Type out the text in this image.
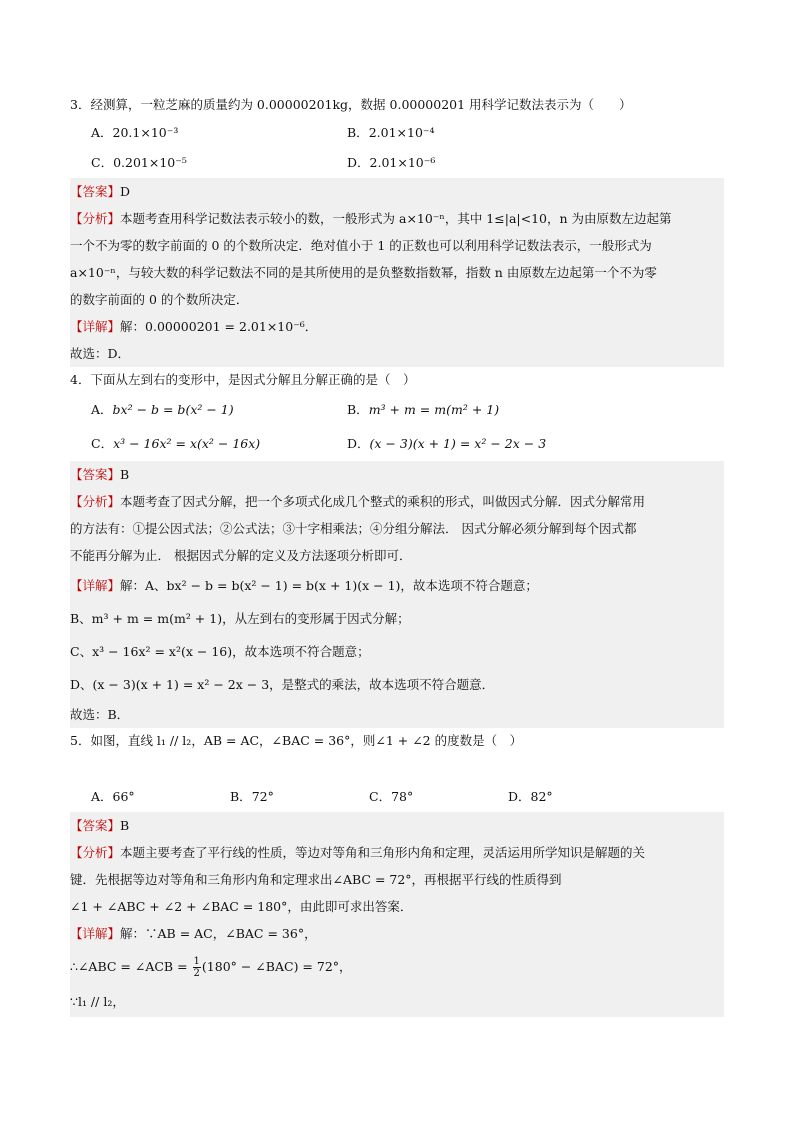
3．经测算，一粒芝麻的质量约为 0.00000201kg，数据 0.00000201 用科学记数法表示为（　　）
A．20.1×10⁻³	B．2.01×10⁻⁴
C．0.201×10⁻⁵	D．2.01×10⁻⁶
【答案】D
【分析】本题考查用科学记数法表示较小的数，一般形式为 a×10⁻ⁿ，其中 1≤|a|<10，n 为由原数左边起第
一个不为零的数字前面的 0 的个数所决定．绝对值小于 1 的正数也可以利用科学记数法表示，一般形式为
a×10⁻ⁿ，与较大数的科学记数法不同的是其所使用的是负整数指数幂，指数 n 由原数左边起第一个不为零
的数字前面的 0 的个数所决定．
【详解】解：0.00000201 = 2.01×10⁻⁶．
故选：D．
4．下面从左到右的变形中，是因式分解且分解正确的是（　）
A．bx² − b = b(x² − 1)	B．m³ + m = m(m² + 1)
C．x³ − 16x² = x(x² − 16x)	D．(x − 3)(x + 1) = x² − 2x − 3
【答案】B
【分析】本题考查了因式分解，把一个多项式化成几个整式的乘积的形式，叫做因式分解．因式分解常用
的方法有：①提公因式法；②公式法；③十字相乘法；④分组分解法． 因式分解必须分解到每个因式都
不能再分解为止． 根据因式分解的定义及方法逐项分析即可．
【详解】解：A、bx² − b = b(x² − 1) = b(x + 1)(x − 1)，故本选项不符合题意；
B、m³ + m = m(m² + 1)，从左到右的变形属于因式分解；
C、x³ − 16x² = x²(x − 16)，故本选项不符合题意；
D、(x − 3)(x + 1) = x² − 2x − 3，是整式的乘法，故本选项不符合题意．
故选：B．
5．如图，直线 l₁ // l₂，AB = AC，∠BAC = 36°，则∠1 + ∠2 的度数是（　）
A．66°	B．72°	C．78°	D．82°
【答案】B
【分析】本题主要考查了平行线的性质，等边对等角和三角形内角和定理，灵活运用所学知识是解题的关
键．先根据等边对等角和三角形内角和定理求出∠ABC = 72°，再根据平行线的性质得到
∠1 + ∠ABC + ∠2 + ∠BAC = 180°，由此即可求出答案．
【详解】解：∵AB = AC，∠BAC = 36°，
∴∠ABC = ∠ACB = $\frac{1}{2} (180^\circ$ − ∠BAC) = 72°，
∵l₁ // l₂，
